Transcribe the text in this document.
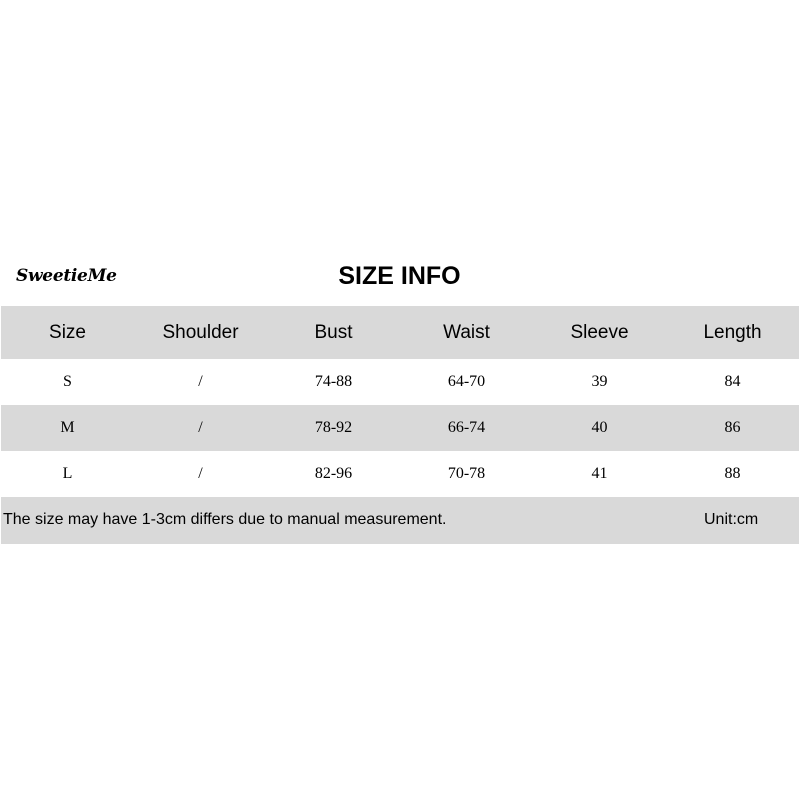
SweetieMe	SIZE INFO
Size	Shoulder	Bust	Waist	Sleeve	Length
S	/	74-88	64-70	39	84
M	/	78-92	66-74	40	86
L	/	82-96	70-78	41	88
The size may have 1-3cm differs due to manual measurement.	Unit:cm
